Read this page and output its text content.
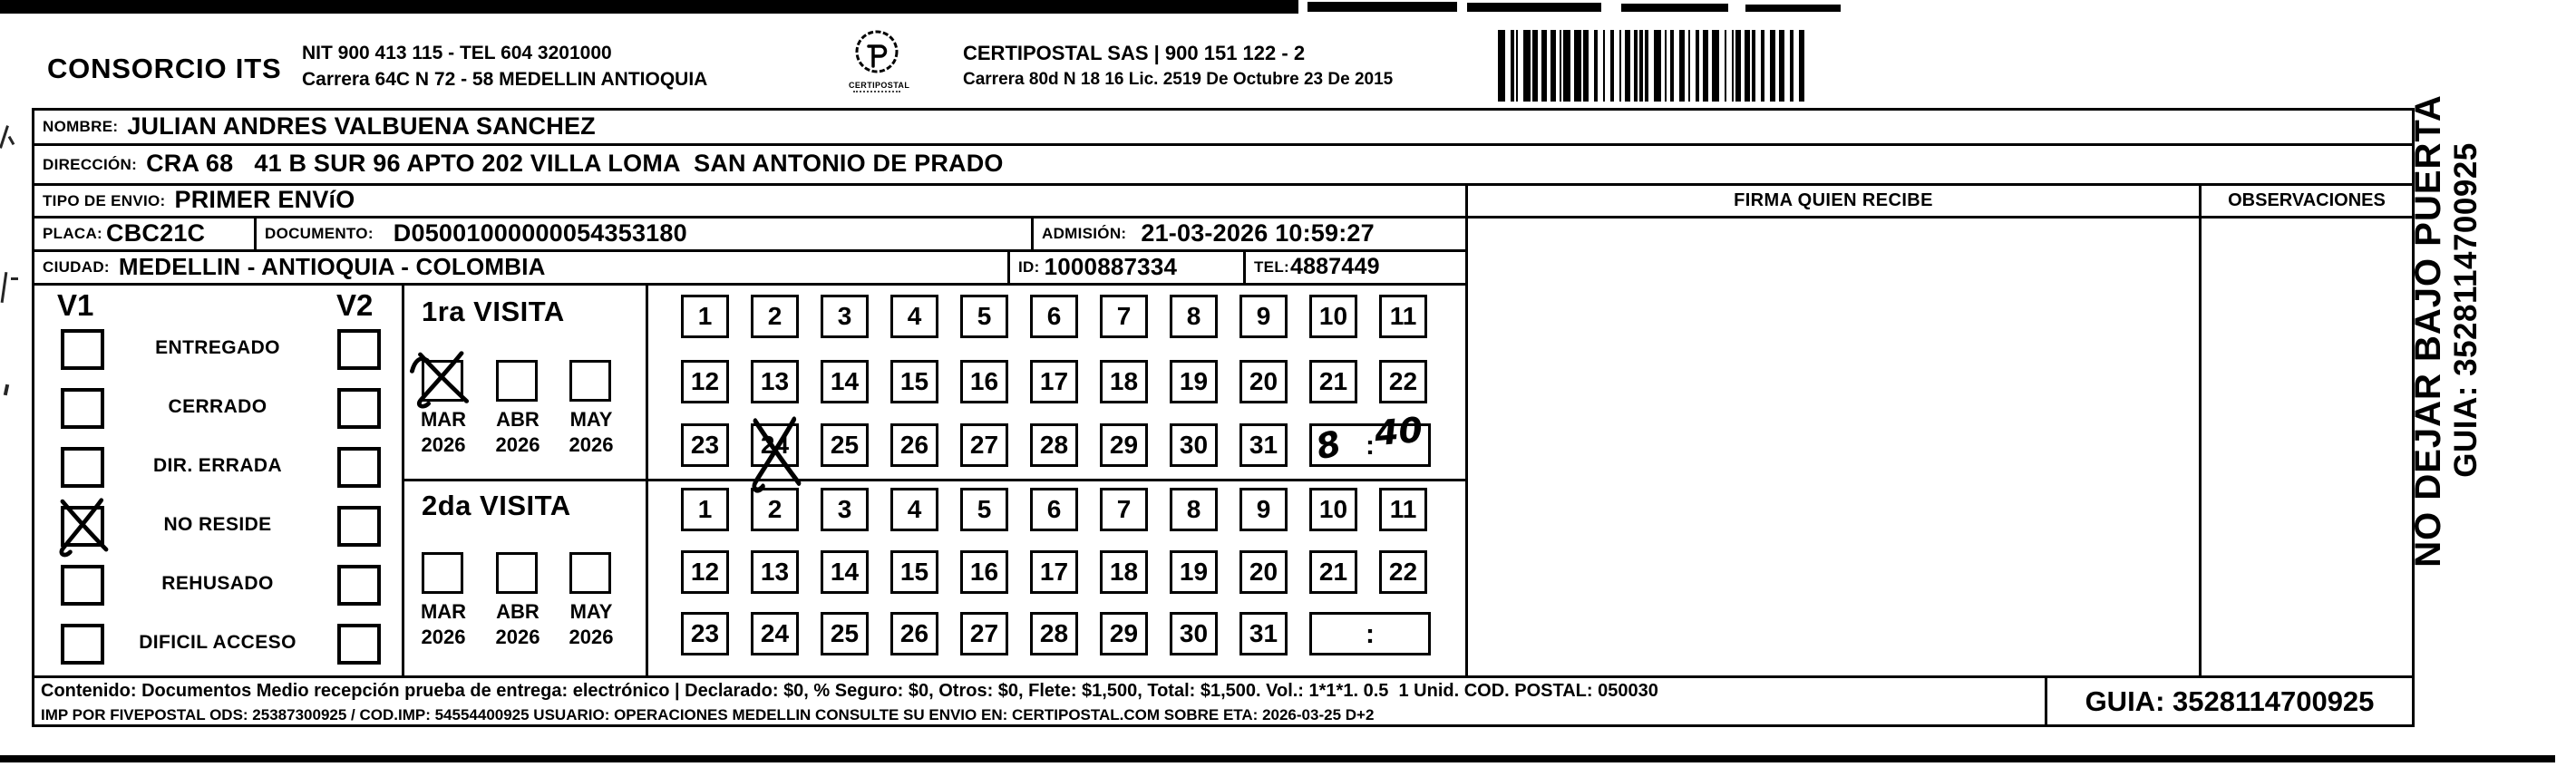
CONSORCIO ITS NIT 900 413 115 - TEL 604 3201000
Carrera 64C N 72 - 58 MEDELLIN ANTIOQUIA	CERTIPOSTAL
CERTIPOSTAL SAS | 900 151 122 - 2
Carrera 80d N 18 16 Lic. 2519 De Octubre 23 De 2015
NOMBRE: JULIAN ANDRES VALBUENA SANCHEZ
DIRECCIÓN: CRA 68   41 B SUR 96 APTO 202 VILLA LOMA  SAN ANTONIO DE PRADO
TIPO DE ENVIO: PRIMER ENVíO	FIRMA QUIEN RECIBE	OBSERVACIONES
PLACA: CBC21C	DOCUMENTO: D05001000000054353180	ADMISIÓN: 21-03-2026 10:59:27
CIUDAD: MEDELLIN - ANTIOQUIA - COLOMBIA	ID: 1000887334	TEL: 4887449
V1	V2
Contenido: Documentos Medio recepción prueba de entrega: electrónico | Declarado: $0, % Seguro: $0, Otros: $0, Flete: $1,500, Total: $1,500. Vol.: 1*1*1. 0.5  1 Unid. COD. POSTAL: 050030
IMP POR FIVEPOSTAL ODS: 25387300925 / COD.IMP: 54554400925 USUARIO: OPERACIONES MEDELLIN CONSULTE SU ENVIO EN: CERTIPOSTAL.COM SOBRE ETA: 2026-03-25 D+2	GUIA: 3528114700925
NO DEJAR BAJO PUERTA GUIA: 3528114700925
ENTREGADO
CERRADO
DIR. ERRADA
NO RESIDE
REHUSADO
DIFICIL ACCESO
1ra VISITA
MAR
2026
ABR
2026
MAY
2026
1	2	3	4	5	6	7	8	9	10	11
12	13	14	15	16	17	18	19	20	21	22
23	24	25	26	27	28	29	30	31	:
8 40
2da VISITA
MAR
2026
ABR
2026
MAY
2026
1	2	3	4	5	6	7	8	9	10	11
12	13	14	15	16	17	18	19	20	21	22
23	24	25	26	27	28	29	30	31	:
